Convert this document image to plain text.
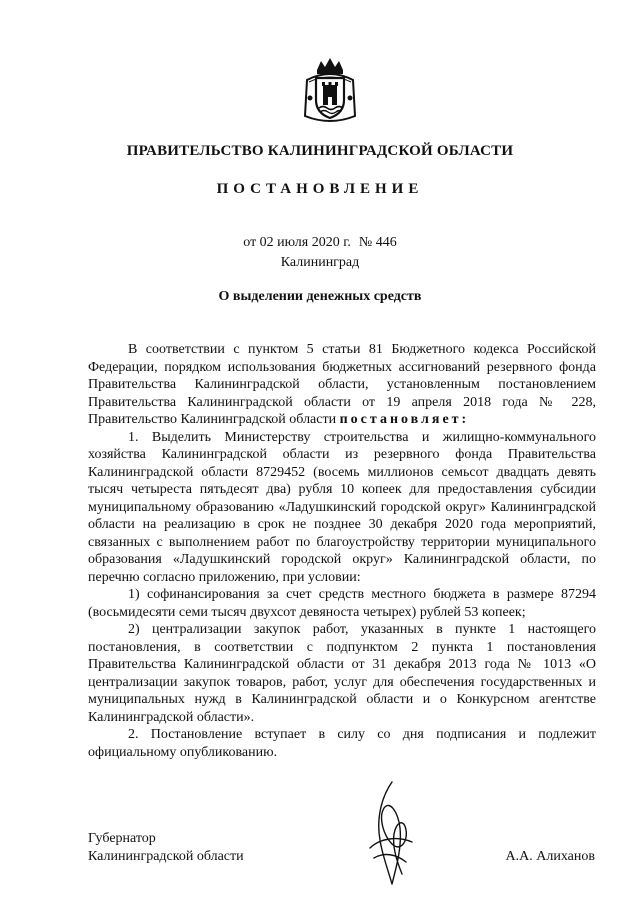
ПРАВИТЕЛЬСТВО КАЛИНИНГРАДСКОЙ ОБЛАСТИ
ПОСТАНОВЛЕНИЕ
от 02 июля 2020 г. № 446
Калининград
О выделении денежных средств

В соответствии с пунктом 5 статьи 81 Бюджетного кодекса Российской Федерации, порядком использования бюджетных ассигнований резервного фонда Правительства Калининградской области, установленным постановлением Правительства Калининградской области от 19 апреля 2018 года № 228, Правительство Калининградской области постановляет:

1. Выделить Министерству строительства и жилищно-коммунального хозяйства Калининградской области из резервного фонда Правительства Калининградской области 8729452 (восемь миллионов семьсот двадцать девять тысяч четыреста пятьдесят два) рубля 10 копеек для предоставления субсидии муниципальному образованию «Ладушкинский городской округ» Калининградской области на реализацию в срок не позднее 30 декабря 2020 года мероприятий, связанных с выполнением работ по благоустройству территории муниципального образования «Ладушкинский городской округ» Калининградской области, по перечню согласно приложению, при условии:

1) софинансирования за счет средств местного бюджета в размере 87294 (восьмидесяти семи тысяч двухсот девяноста четырех) рублей 53 копеек;

2) централизации закупок работ, указанных в пункте 1 настоящего постановления, в соответствии с подпунктом 2 пункта 1 постановления Правительства Калининградской области от 31 декабря 2013 года № 1013 «О централизации закупок товаров, работ, услуг для обеспечения государственных и муниципальных нужд в Калининградской области и о Конкурсном агентстве Калининградской области».

2. Постановление вступает в силу со дня подписания и подлежит официальному опубликованию.

Губернатор
Калининградской области	А.А. Алиханов
